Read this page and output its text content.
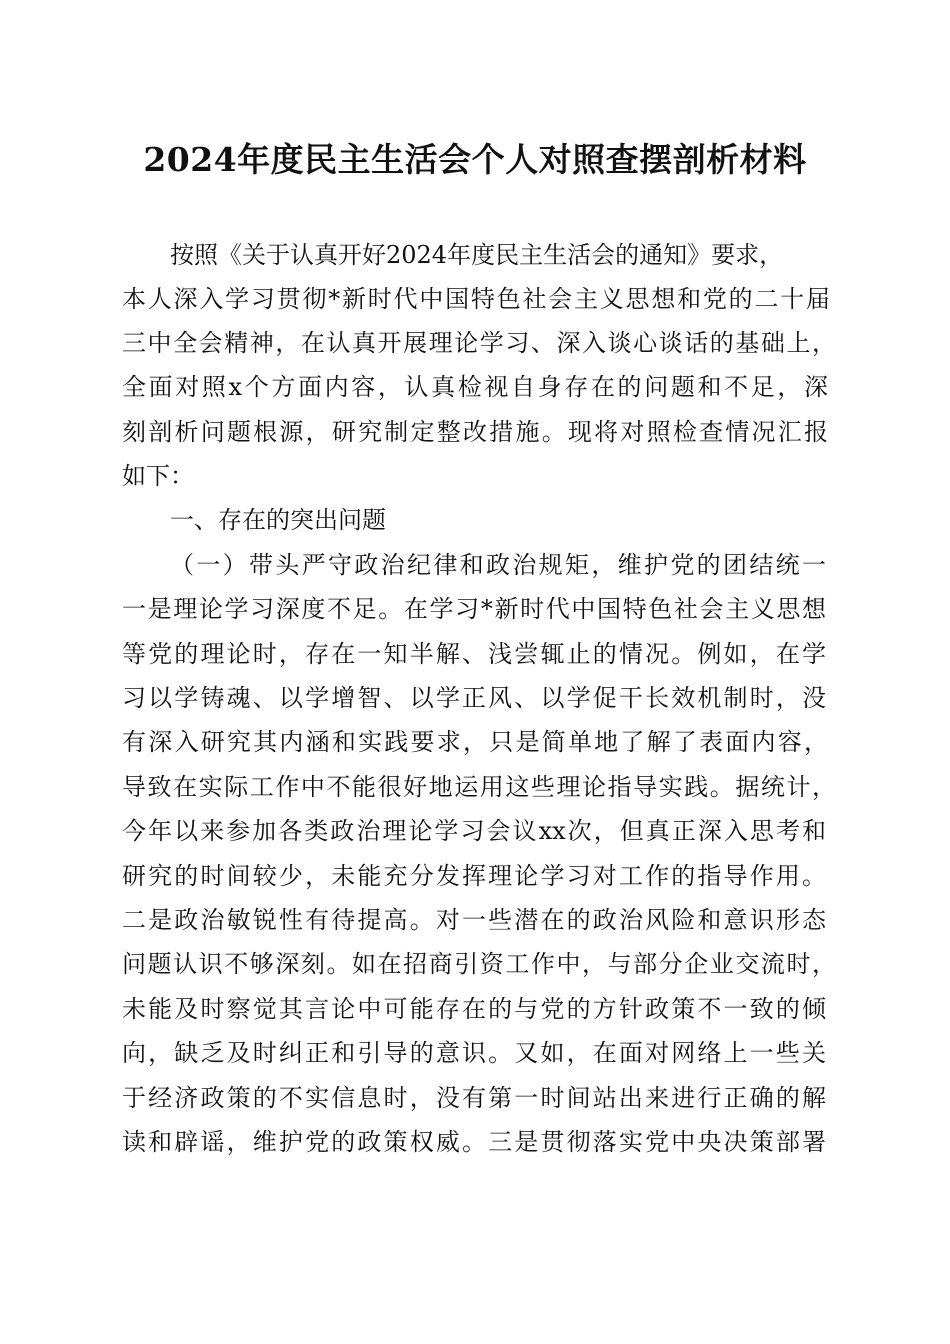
2024年度民主生活会个人对照查摆剖析材料
按照《关于认真开好2024年度民主生活会的通知》要求，
本人深入学习贯彻*新时代中国特色社会主义思想和党的二十届
三中全会精神，在认真开展理论学习、深入谈心谈话的基础上，
全面对照x个方面内容，认真检视自身存在的问题和不足，深
刻剖析问题根源，研究制定整改措施。现将对照检查情况汇报
如下：
一、存在的突出问题
（一）带头严守政治纪律和政治规矩，维护党的团结统一
一是理论学习深度不足。在学习*新时代中国特色社会主义思想
等党的理论时，存在一知半解、浅尝辄止的情况。例如，在学
习以学铸魂、以学增智、以学正风、以学促干长效机制时，没
有深入研究其内涵和实践要求，只是简单地了解了表面内容，
导致在实际工作中不能很好地运用这些理论指导实践。据统计，
今年以来参加各类政治理论学习会议xx次，但真正深入思考和
研究的时间较少，未能充分发挥理论学习对工作的指导作用。
二是政治敏锐性有待提高。对一些潜在的政治风险和意识形态
问题认识不够深刻。如在招商引资工作中，与部分企业交流时，
未能及时察觉其言论中可能存在的与党的方针政策不一致的倾
向，缺乏及时纠正和引导的意识。又如，在面对网络上一些关
于经济政策的不实信息时，没有第一时间站出来进行正确的解
读和辟谣，维护党的政策权威。三是贯彻落实党中央决策部署
